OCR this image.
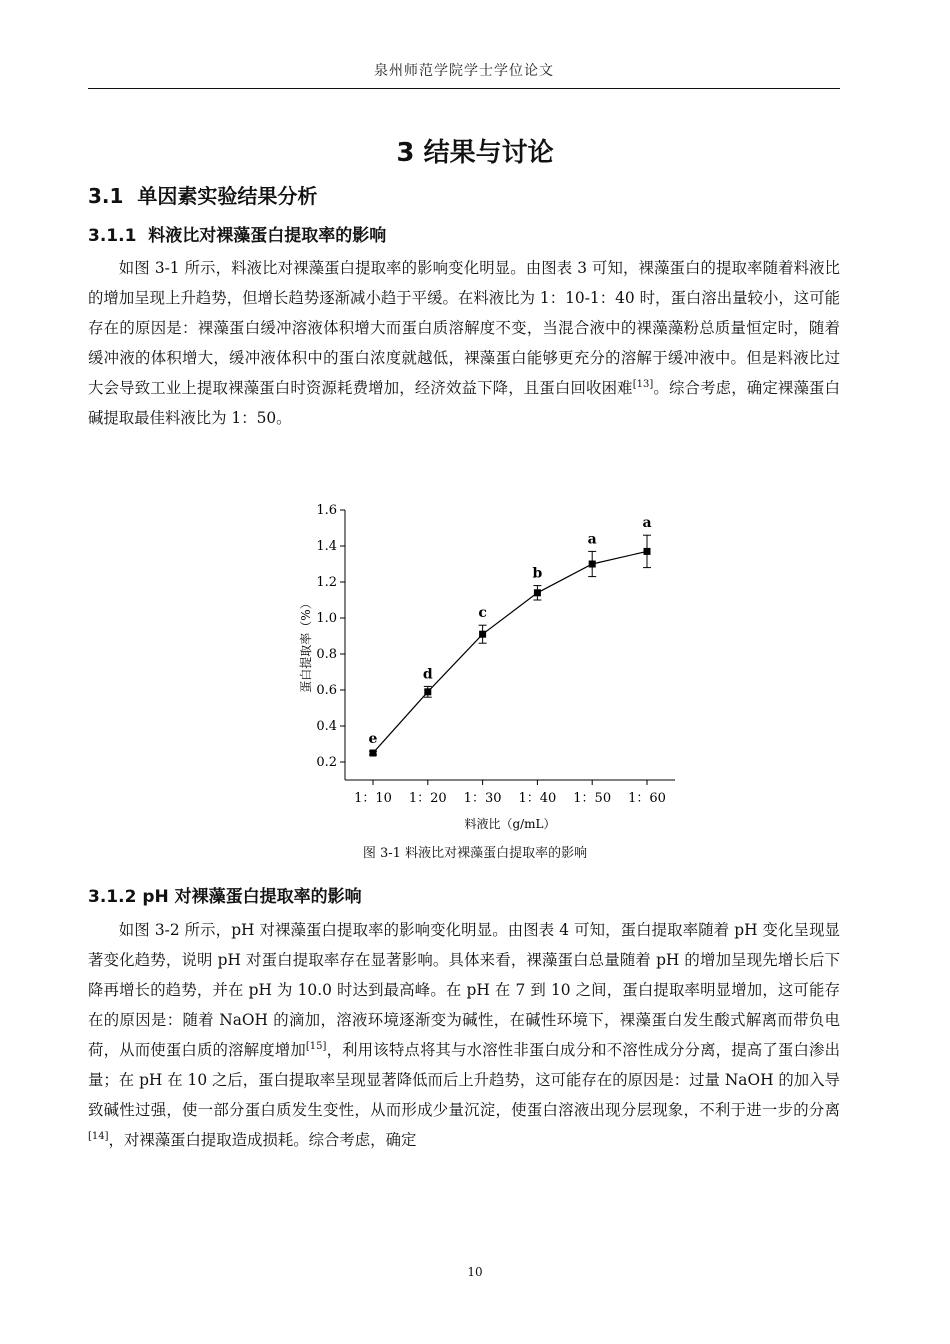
泉州师范学院学士学位论文
3 结果与讨论
3.1 单因素实验结果分析
3.1.1 料液比对裸藻蛋白提取率的影响

如图 3-1 所示，料液比对裸藻蛋白提取率的影响变化明显。由图表 3 可知，裸藻蛋白的提取率随着料液比的增加呈现上升趋势，但增长趋势逐渐减小趋于平缓。在料液比为 1：10-1：40 时，蛋白溶出量较小，这可能存在的原因是：裸藻蛋白缓冲溶液体积增大而蛋白质溶解度不变，当混合液中的裸藻藻粉总质量恒定时，随着缓冲液的体积增大，缓冲液体积中的蛋白浓度就越低，裸藻蛋白能够更充分的溶解于缓冲液中。但是料液比过大会导致工业上提取裸藻蛋白时资源耗费增加，经济效益下降，且蛋白回收困难[13]。综合考虑，确定裸藻蛋白碱提取最佳料液比为 1：50。

0.2
0.4
0.6
0.8
1.0
1.2
1.4
1.6
1：10 1：20 1：30 1：40 1：50 1：60
料液比（g/mL）
蛋白提取率（%）
e
d
c
b
a
a
图 3-1 料液比对裸藻蛋白提取率的影响
3.1.2 pH 对裸藻蛋白提取率的影响

如图 3-2 所示，pH 对裸藻蛋白提取率的影响变化明显。由图表 4 可知，蛋白提取率随着 pH 变化呈现显著变化趋势，说明 pH 对蛋白提取率存在显著影响。具体来看，裸藻蛋白总量随着 pH 的增加呈现先增长后下降再增长的趋势，并在 pH 为 10.0 时达到最高峰。在 pH 在 7 到 10 之间，蛋白提取率明显增加，这可能存在的原因是：随着 NaOH 的滴加，溶液环境逐渐变为碱性，在碱性环境下，裸藻蛋白发生酸式解离而带负电荷，从而使蛋白质的溶解度增加[15]，利用该特点将其与水溶性非蛋白成分和不溶性成分分离，提高了蛋白渗出量；在 pH 在 10 之后，蛋白提取率呈现显著降低而后上升趋势，这可能存在的原因是：过量 NaOH 的加入导致碱性过强，使一部分蛋白质发生变性，从而形成少量沉淀，使蛋白溶液出现分层现象，不利于进一步的分离[14]，对裸藻蛋白提取造成损耗。综合考虑，确定

10
